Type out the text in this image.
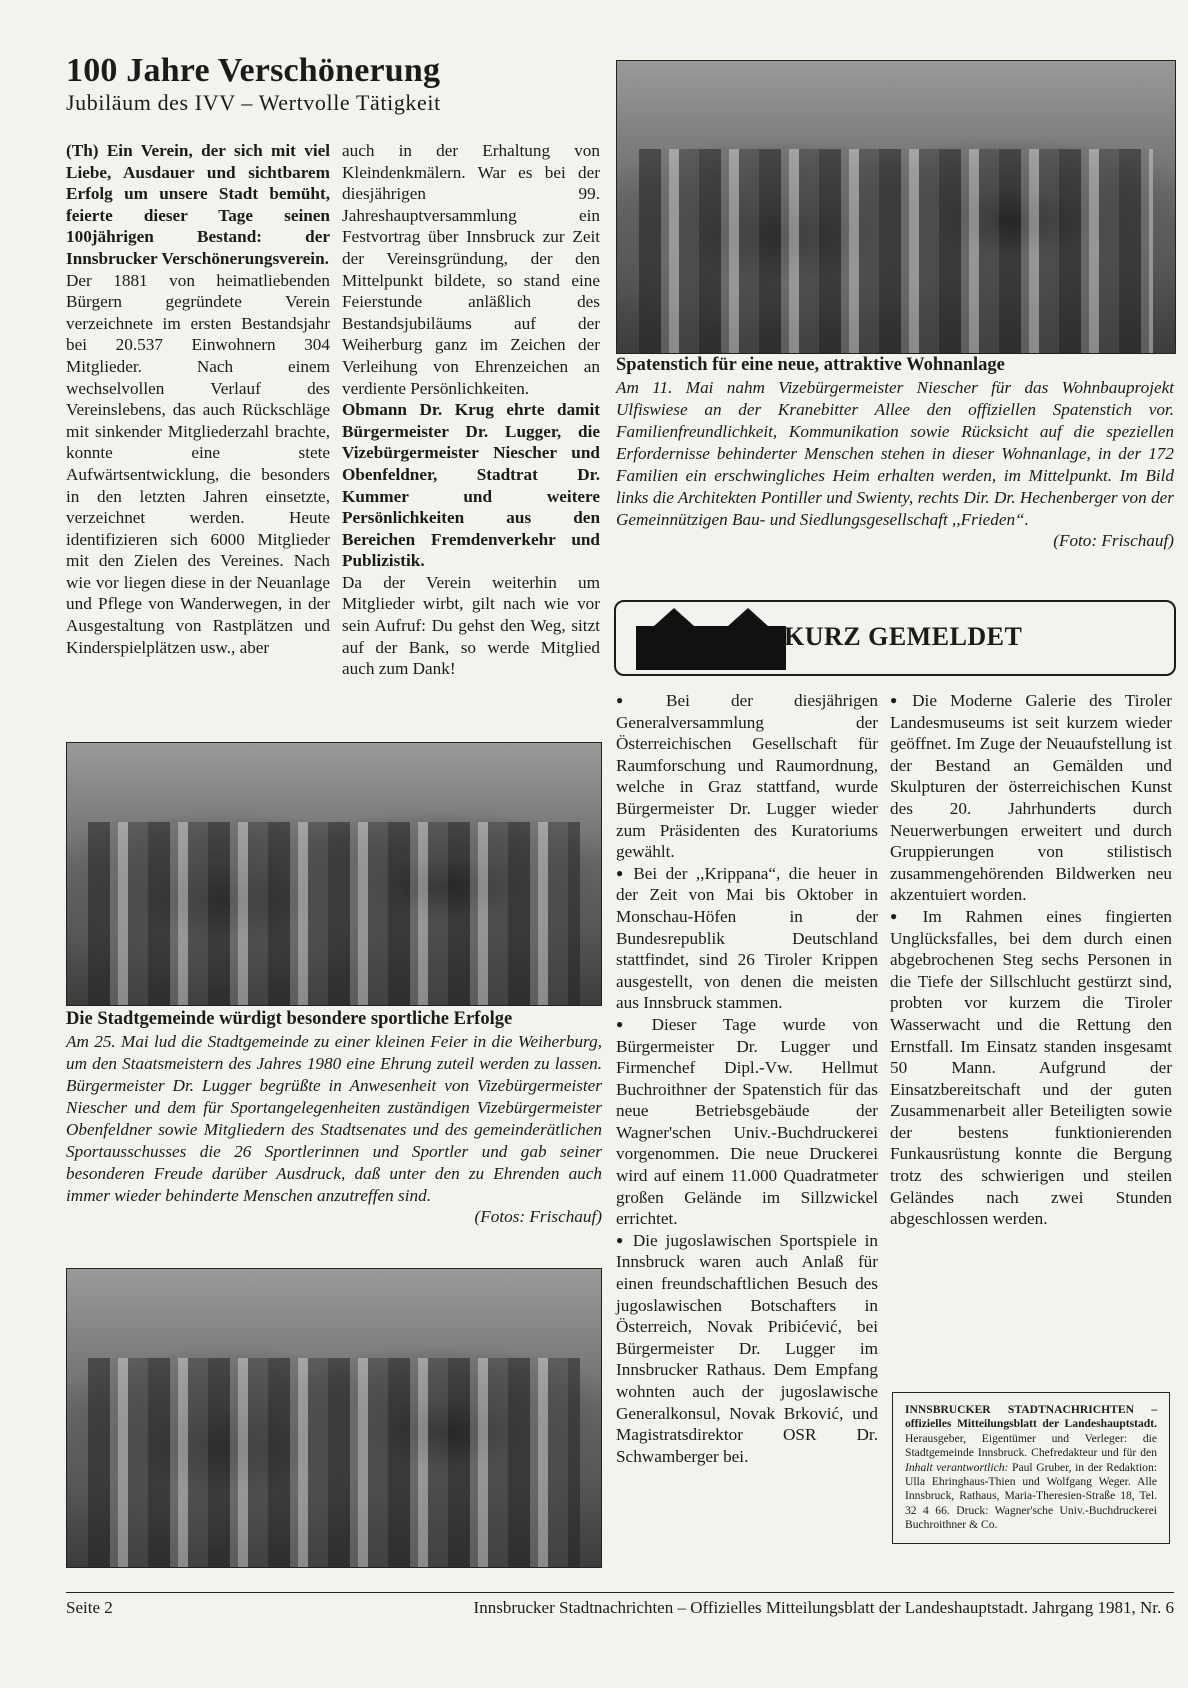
100 Jahre Verschönerung
Jubiläum des IVV – Wertvolle Tätigkeit

(Th) Ein Verein, der sich mit viel Liebe, Ausdauer und sichtbarem Erfolg um unsere Stadt bemüht, feierte dieser Tage seinen 100jährigen Bestand: der Innsbrucker Verschönerungsverein.

Der 1881 von heimatliebenden Bürgern gegründete Verein verzeichnete im ersten Bestandsjahr bei 20.537 Einwohnern 304 Mitglieder. Nach einem wechselvollen Verlauf des Vereinslebens, das auch Rückschläge mit sinkender Mitgliederzahl brachte, konnte eine stete Aufwärtsentwicklung, die besonders in den letzten Jahren einsetzte, verzeichnet werden. Heute identifizieren sich 6000 Mitglieder mit den Zielen des Vereines. Nach wie vor liegen diese in der Neuanlage und Pflege von Wanderwegen, in der Ausgestaltung von Rastplätzen und Kinderspielplätzen usw., aber

auch in der Erhaltung von Kleindenkmälern. War es bei der diesjährigen 99. Jahreshauptversammlung ein Festvortrag über Innsbruck zur Zeit der Vereinsgründung, der den Mittelpunkt bildete, so stand eine Feierstunde anläßlich des Bestandsjubiläums auf der Weiherburg ganz im Zeichen der Verleihung von Ehrenzeichen an verdiente Persönlichkeiten.

Obmann Dr. Krug ehrte damit Bürgermeister Dr. Lugger, die Vizebürgermeister Niescher und Obenfeldner, Stadtrat Dr. Kummer und weitere Persönlichkeiten aus den Bereichen Fremdenverkehr und Publizistik.

Da der Verein weiterhin um Mitglieder wirbt, gilt nach wie vor sein Aufruf: Du gehst den Weg, sitzt auf der Bank, so werde Mitglied auch zum Dank!

Spatenstich für eine neue, attraktive Wohnanlage
Am 11. Mai nahm Vizebürgermeister Niescher für das Wohnbauprojekt Ulfiswiese an der Kranebitter Allee den offiziellen Spatenstich vor. Familienfreundlichkeit, Kommunikation sowie Rücksicht auf die speziellen Erfordernisse behinderter Menschen stehen in dieser Wohnanlage, in der 172 Familien ein erschwingliches Heim erhalten werden, im Mittelpunkt. Im Bild links die Architekten Pontiller und Swienty, rechts Dir. Dr. Hechenberger von der Gemeinnützigen Bau- und Siedlungsgesellschaft ,,Frieden“.
(Foto: Frischauf)
KURZ GEMELDET

● Bei der diesjährigen Generalversammlung der Österreichischen Gesellschaft für Raumforschung und Raumordnung, welche in Graz stattfand, wurde Bürgermeister Dr. Lugger wieder zum Präsidenten des Kuratoriums gewählt.

● Bei der ,,Krippana“, die heuer in der Zeit von Mai bis Oktober in Monschau-Höfen in der Bundesrepublik Deutschland stattfindet, sind 26 Tiroler Krippen ausgestellt, von denen die meisten aus Innsbruck stammen.

● Dieser Tage wurde von Bürgermeister Dr. Lugger und Firmenchef Dipl.-Vw. Hellmut Buchroithner der Spatenstich für das neue Betriebsgebäude der Wagner'schen Univ.-Buchdruckerei vorgenommen. Die neue Druckerei wird auf einem 11.000 Quadratmeter großen Gelände im Sillzwickel errichtet.

● Die jugoslawischen Sportspiele in Innsbruck waren auch Anlaß für einen freundschaftlichen Besuch des jugoslawischen Botschafters in Österreich, Novak Pribićević, bei Bürgermeister Dr. Lugger im Innsbrucker Rathaus. Dem Empfang wohnten auch der jugoslawische Generalkonsul, Novak Brković, und Magistratsdirektor OSR Dr. Schwamberger bei.

● Die Moderne Galerie des Tiroler Landesmuseums ist seit kurzem wieder geöffnet. Im Zuge der Neuaufstellung ist der Bestand an Gemälden und Skulpturen der österreichischen Kunst des 20. Jahrhunderts durch Neuerwerbungen erweitert und durch Gruppierungen von stilistisch zusammengehörenden Bildwerken neu akzentuiert worden.

● Im Rahmen eines fingierten Unglücksfalles, bei dem durch einen abgebrochenen Steg sechs Personen in die Tiefe der Sillschlucht gestürzt sind, probten vor kurzem die Tiroler Wasserwacht und die Rettung den Ernstfall. Im Einsatz standen insgesamt 50 Mann. Aufgrund der Einsatzbereitschaft und der guten Zusammenarbeit aller Beteiligten sowie der bestens funktionierenden Funkausrüstung konnte die Bergung trotz des schwierigen und steilen Geländes nach zwei Stunden abgeschlossen werden.

INNSBRUCKER STADTNACHRICHTEN – offizielles Mitteilungsblatt der Landeshauptstadt. Herausgeber, Eigentümer und Verleger: die Stadtgemeinde Innsbruck. Chefredakteur und für den Inhalt verantwortlich: Paul Gruber, in der Redaktion: Ulla Ehringhaus-Thien und Wolfgang Weger. Alle Innsbruck, Rathaus, Maria-Theresien-Straße 18, Tel. 32 4 66. Druck: Wagner'sche Univ.-Buchdruckerei Buchroithner & Co.
Die Stadtgemeinde würdigt besondere sportliche Erfolge
Am 25. Mai lud die Stadtgemeinde zu einer kleinen Feier in die Weiherburg, um den Staatsmeistern des Jahres 1980 eine Ehrung zuteil werden zu lassen. Bürgermeister Dr. Lugger begrüßte in Anwesenheit von Vizebürgermeister Niescher und dem für Sportangelegenheiten zuständigen Vizebürgermeister Obenfeldner sowie Mitgliedern des Stadtsenates und des gemeinderätlichen Sportausschusses die 26 Sportlerinnen und Sportler und gab seiner besonderen Freude darüber Ausdruck, daß unter den zu Ehrenden auch immer wieder behinderte Menschen anzutreffen sind.
(Fotos: Frischauf)
Seite 2	Innsbrucker Stadtnachrichten – Offizielles Mitteilungsblatt der Landeshauptstadt. Jahrgang 1981, Nr. 6
